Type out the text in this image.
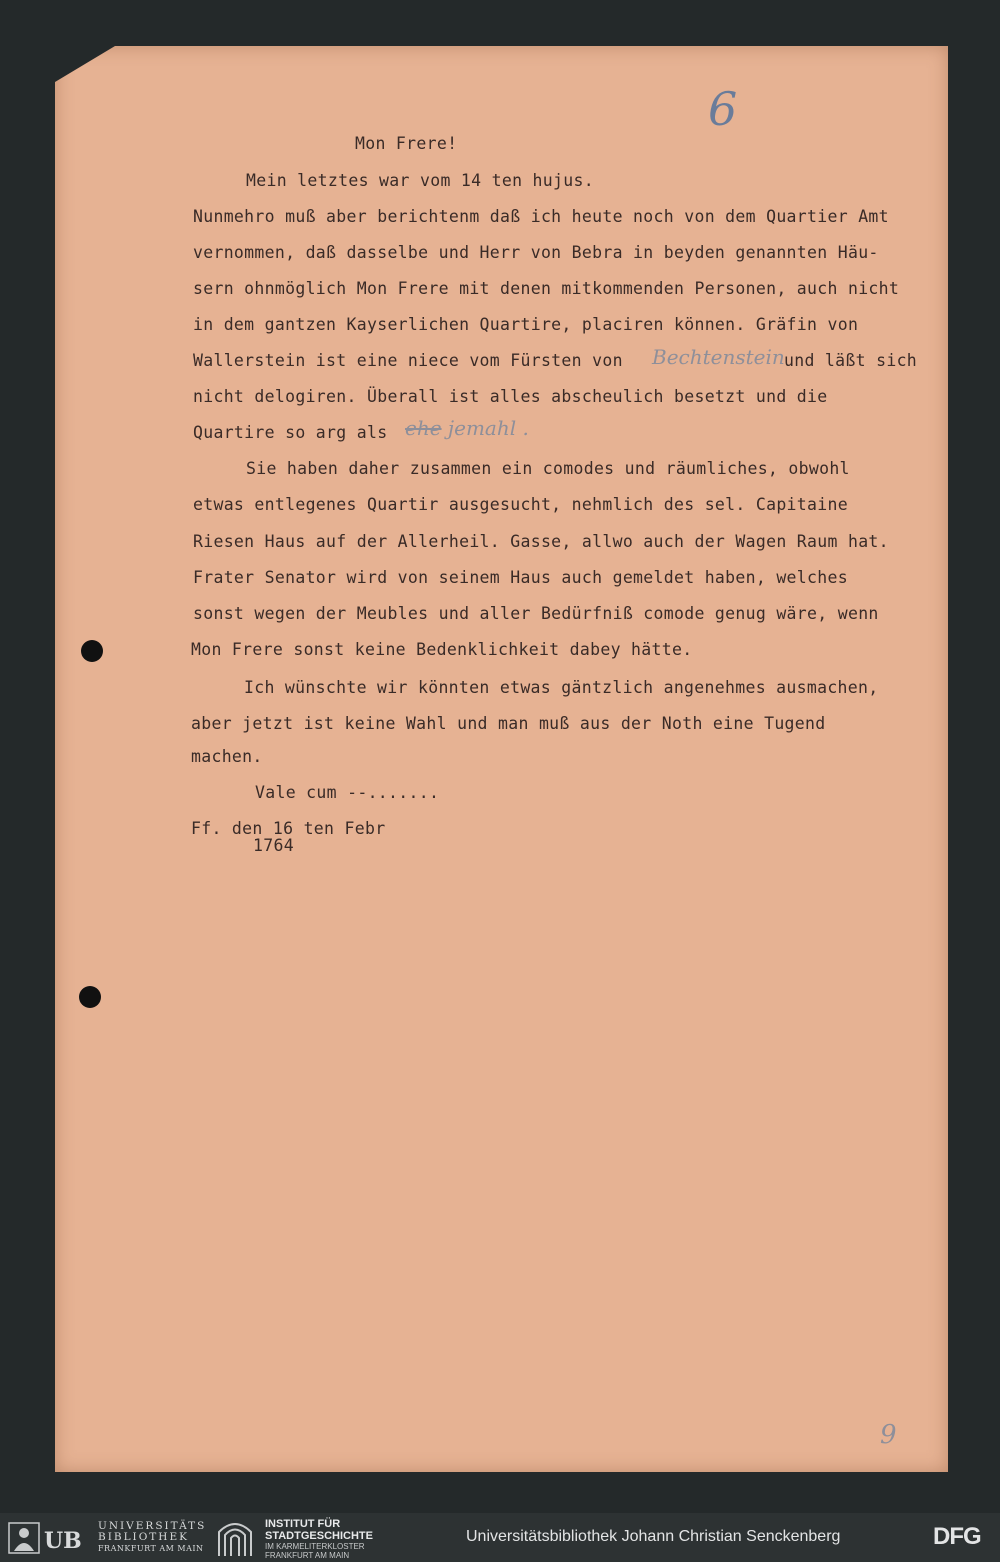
6

Mon Frere!

Mein letztes war vom 14 ten hujus.

Nunmehro muß aber berichtenm daß ich heute noch von dem Quartier Amt

vernommen, daß dasselbe und Herr von Bebra in beyden genannten Häu-

sern ohnmöglich Mon Frere mit denen mitkommenden Personen, auch nicht

in dem gantzen Kayserlichen Quartire, placiren können. Gräfin von

Wallerstein ist eine niece vom Fürsten von Bechtenstein und läßt sich

nicht delogiren. Überall ist alles abscheulich besetzt und die

Quartire so arg als ehe jemahl .

Sie haben daher zusammen ein comodes und räumliches, obwohl

etwas entlegenes Quartir ausgesucht, nehmlich des sel. Capitaine

Riesen Haus auf der Allerheil. Gasse, allwo auch der Wagen Raum hat.

Frater Senator wird von seinem Haus auch gemeldet haben, welches

sonst wegen der Meubles und aller Bedürfniß comode genug wäre, wenn

Mon Frere sonst keine Bedenklichkeit dabey hätte.

Ich wünschte wir könnten etwas gäntzlich angenehmes ausmachen,

aber jetzt ist keine Wahl und man muß aus der Noth eine Tugend

machen.

Vale cum --.......

Ff. den 16 ten Febr

1764

9
UB
UNIVERSITÄTS
BIBLIOTHEK
FRANKFURT AM MAIN
INSTITUT FÜR
STADTGESCHICHTE
IM KARMELITERKLOSTER
FRANKFURT AM MAIN
Universitätsbibliothek Johann Christian Senckenberg	DFG
